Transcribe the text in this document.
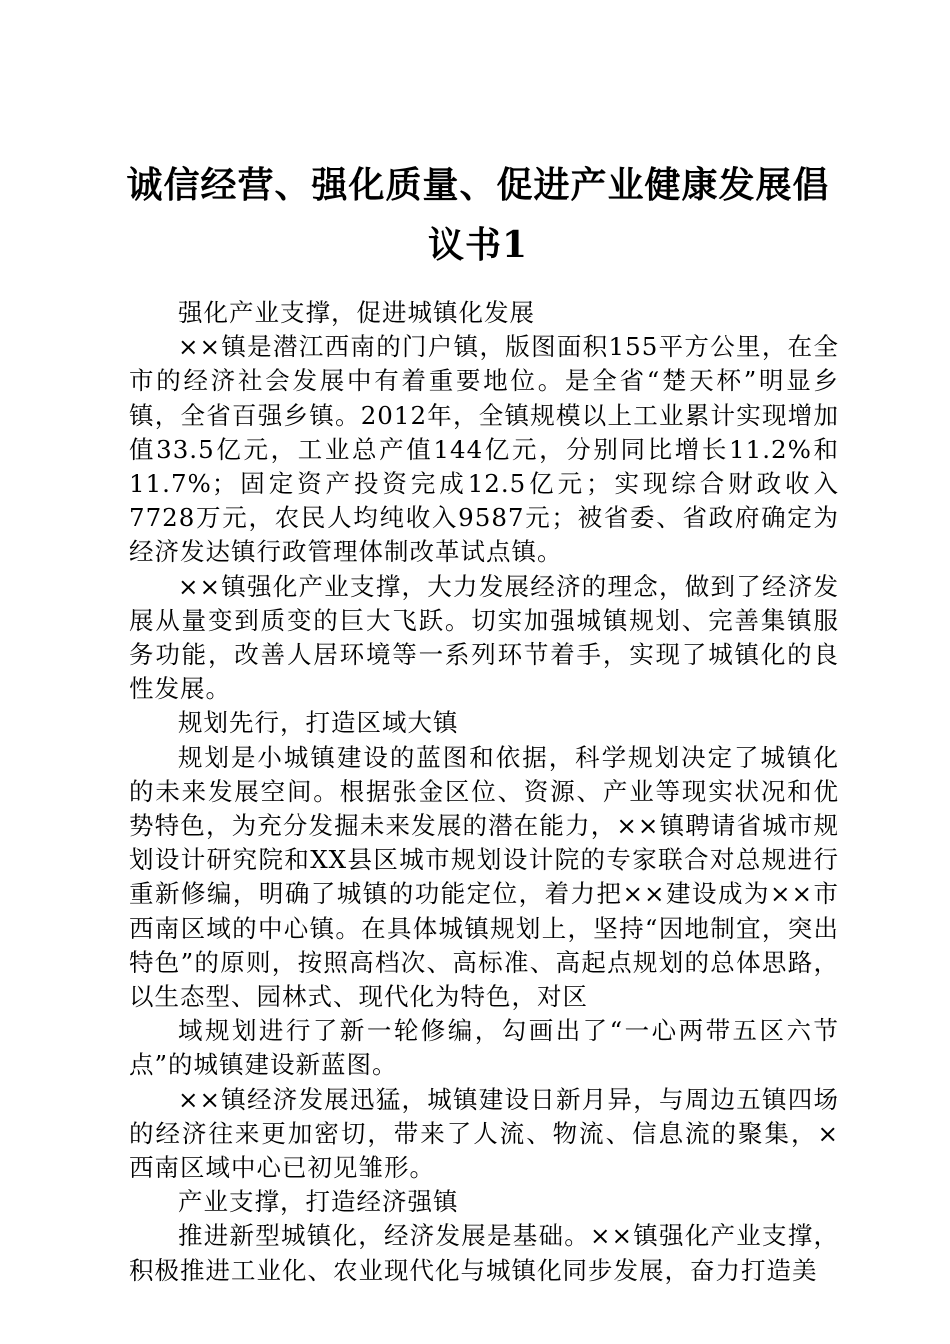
诚信经营、强化质量、促进产业健康发展倡议书1

强化产业支撑，促进城镇化发展

××镇是潜江西南的门户镇，版图面积155平方公里，在全市的经济社会发展中有着重要地位。是全省“楚天杯”明显乡镇，全省百强乡镇。2012年，全镇规模以上工业累计实现增加值33.5亿元，工业总产值144亿元，分别同比增长11.2%和11.7%；固定资产投资完成12.5亿元；实现综合财政收入7728万元，农民人均纯收入9587元；被省委、省政府确定为经济发达镇行政管理体制改革试点镇。

××镇强化产业支撑，大力发展经济的理念，做到了经济发展从量变到质变的巨大飞跃。切实加强城镇规划、完善集镇服务功能，改善人居环境等一系列环节着手，实现了城镇化的良性发展。

规划先行，打造区域大镇

规划是小城镇建设的蓝图和依据，科学规划决定了城镇化的未来发展空间。根据张金区位、资源、产业等现实状况和优势特色，为充分发掘未来发展的潜在能力，××镇聘请省城市规划设计研究院和XX县区城市规划设计院的专家联合对总规进行重新修编，明确了城镇的功能定位，着力把××建设成为××市西南区域的中心镇。在具体城镇规划上，坚持“因地制宜，突出特色”的原则，按照高档次、高标准、高起点规划的总体思路，以生态型、园林式、现代化为特色，对区

域规划进行了新一轮修编，勾画出了“一心两带五区六节点”的城镇建设新蓝图。

××镇经济发展迅猛，城镇建设日新月异，与周边五镇四场的经济往来更加密切，带来了人流、物流、信息流的聚集，×西南区域中心已初见雏形。

产业支撑，打造经济强镇

推进新型城镇化，经济发展是基础。××镇强化产业支撑，积极推进工业化、农业现代化与城镇化同步发展，奋力打造美
